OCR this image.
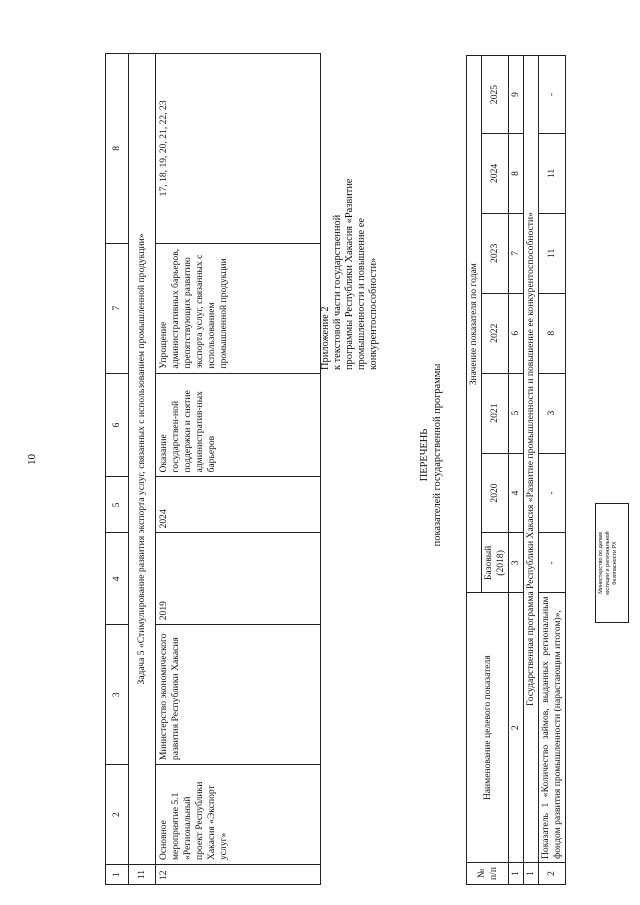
10
1	2	3	4	5	6	7	8
11	Задача 5 «Стимулирование развития экспорта услуг, связанных с использованием промышленной продукции»						
12	Основное мероприятие 5.1 «Региональный проект Республики Хакасия «Экспорт услуг»	Министерство экономического развития Республики Хакасия	2019	2024	Оказание государствен-ной поддержки и снятие административ-ных барьеров	Упрощение административных барьеров, препятствующих развитию экспорта услуг, связанных с использованием промышленной продукции	17, 18, 19, 20, 21, 22, 23
Приложение 2 к текстовой части государственной программы Республики Хакасия «Развитие промышленности и повышение ее конкурентоспособности»
ПЕРЕЧЕНЬ показателей государственной программы
№ п/п	Наименование целевого показателя	Значение показателя по годам						
		Базовый (2018)	2020	2021	2022	2023	2024	2025
1	2	3	4	5	6	7	8	9
1	Государственная программа Республики Хакасия «Развитие промышленности и повышение ее конкурентоспособности»							
2	Показатель 1 «Количество займов, выданных региональным фондом развития промышленности (нарастающим итогом)»,	-	-	3	8	11	11	-
Министерство по делам юстиции и региональной безопасности РХ
